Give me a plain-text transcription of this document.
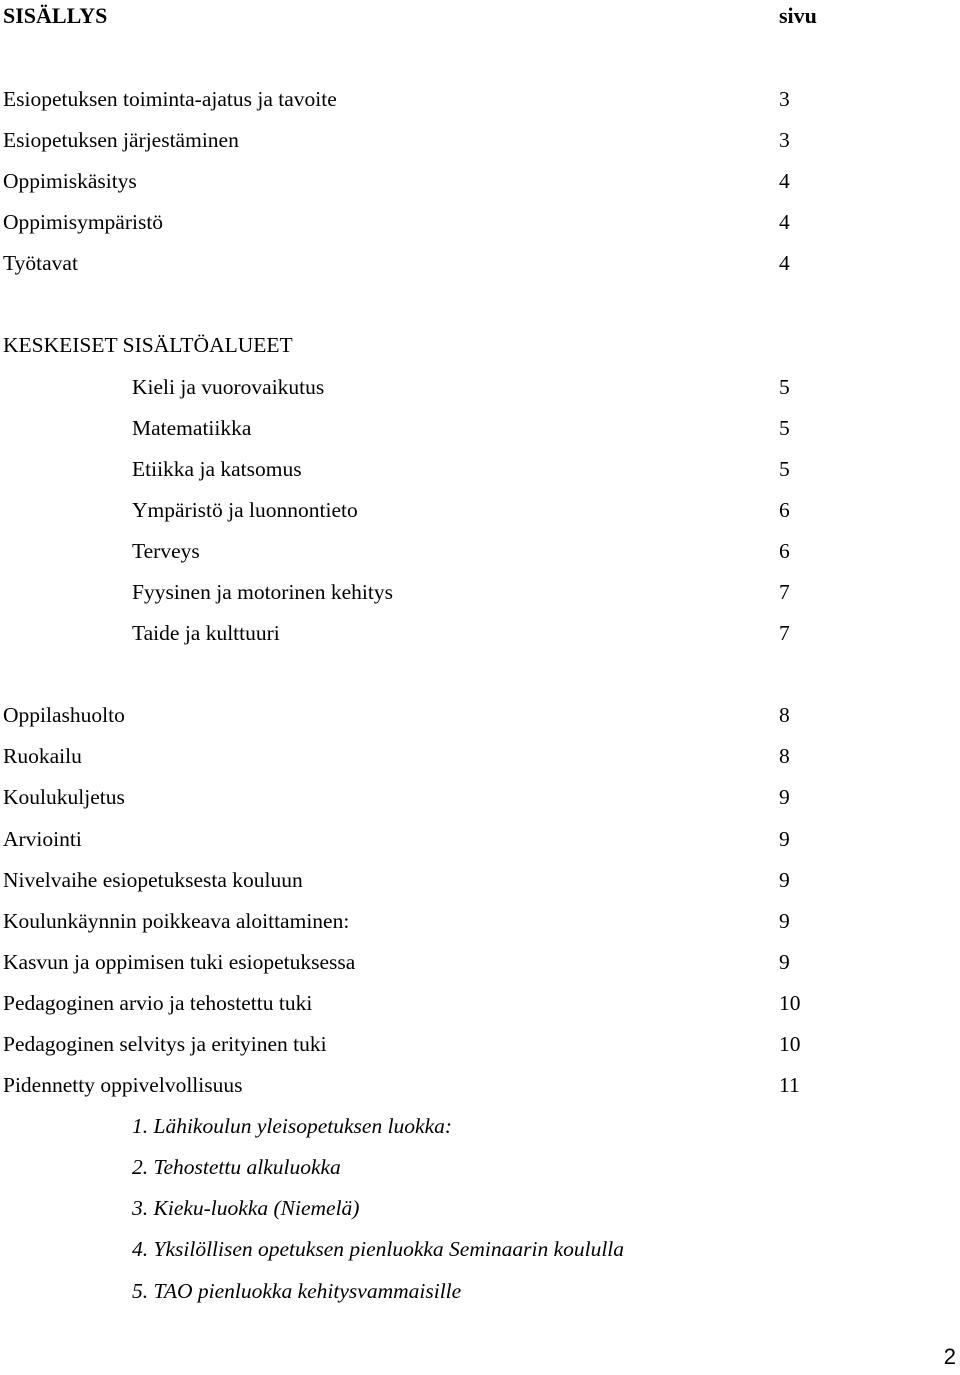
SISÄLLYS	sivu
Esiopetuksen toiminta-ajatus ja tavoite	3
Esiopetuksen järjestäminen	3
Oppimiskäsitys	4
Oppimisympäristö	4
Työtavat	4
KESKEISET SISÄLTÖALUEET
Kieli ja vuorovaikutus	5
Matematiikka	5
Etiikka ja katsomus	5
Ympäristö ja luonnontieto	6
Terveys	6
Fyysinen ja motorinen kehitys	7
Taide ja kulttuuri	7
Oppilashuolto	8
Ruokailu	8
Koulukuljetus	9
Arviointi	9
Nivelvaihe esiopetuksesta kouluun	9
Koulunkäynnin poikkeava aloittaminen:	9
Kasvun ja oppimisen tuki esiopetuksessa	9
Pedagoginen arvio ja tehostettu tuki	10
Pedagoginen selvitys ja erityinen tuki	10
Pidennetty oppivelvollisuus	11
1. Lähikoulun yleisopetuksen luokka:
2. Tehostettu alkuluokka
3. Kieku-luokka (Niemelä)
4. Yksilöllisen opetuksen pienluokka Seminaarin koululla
5. TAO pienluokka kehitysvammaisille
2
